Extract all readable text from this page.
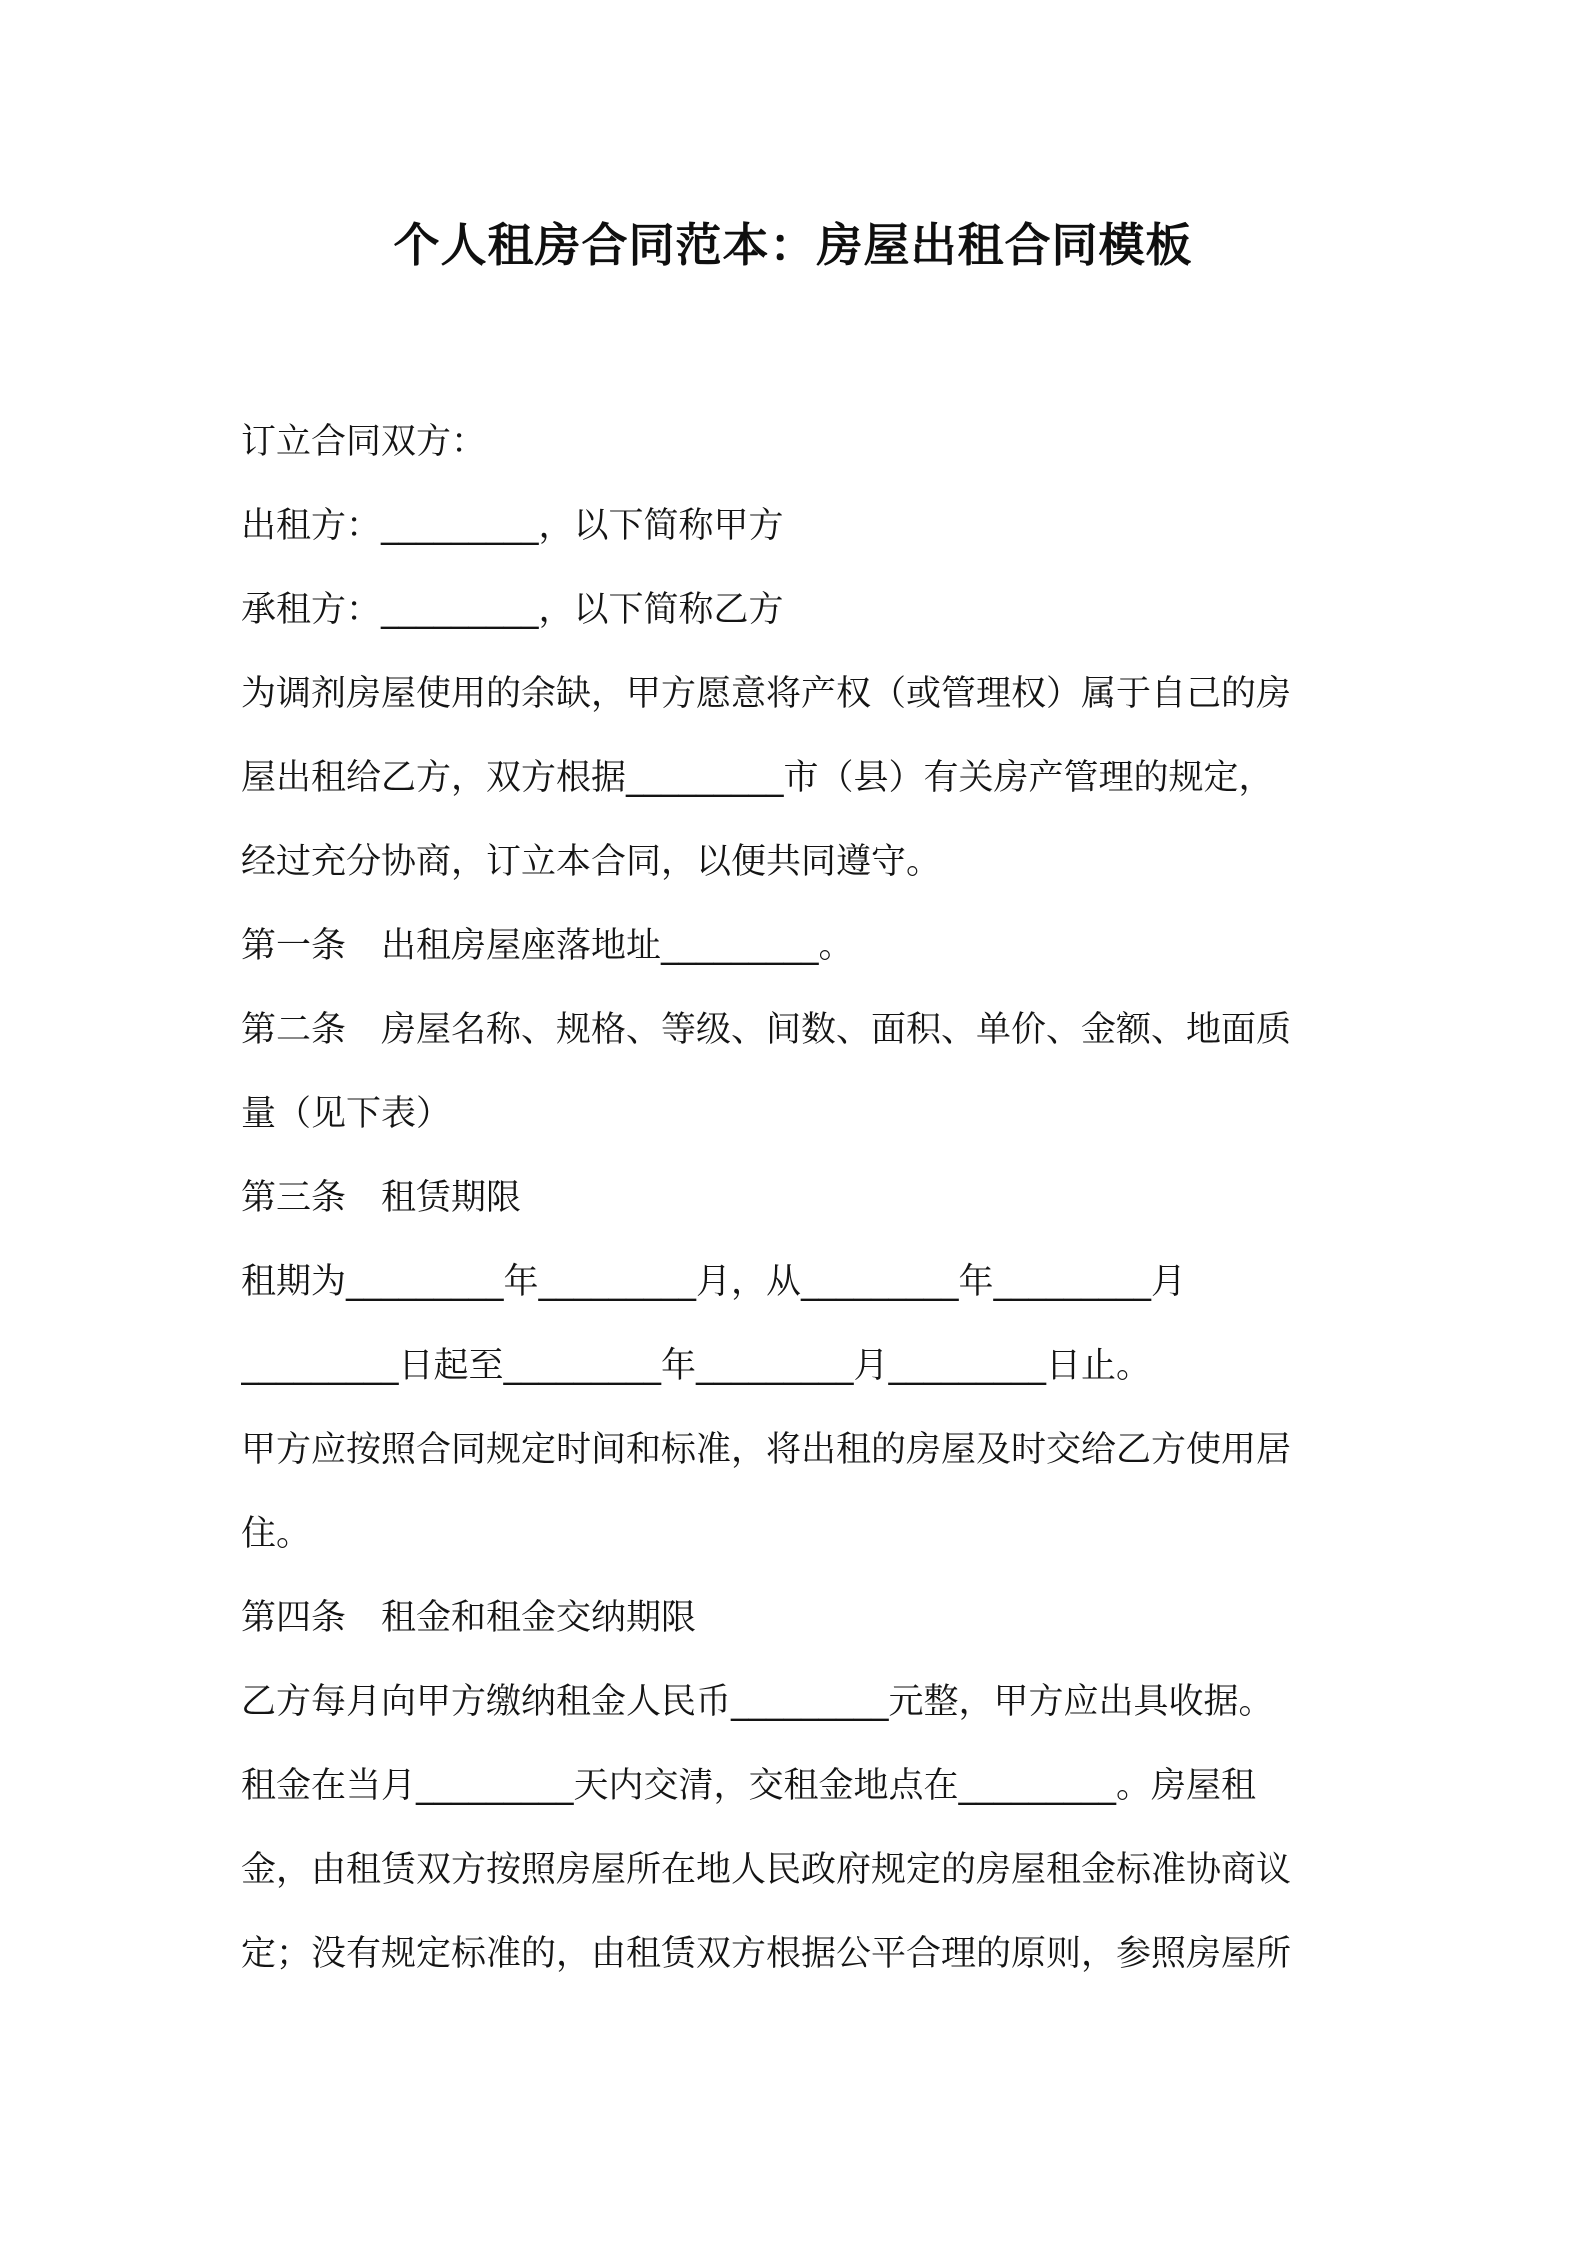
个人租房合同范本：房屋出租合同模板
订立合同双方：
出租方：_________，以下简称甲方
承租方：_________，以下简称乙方
为调剂房屋使用的余缺，甲方愿意将产权（或管理权）属于自己的房
屋出租给乙方，双方根据_________市（县）有关房产管理的规定，
经过充分协商，订立本合同，以便共同遵守。
第一条　出租房屋座落地址_________。
第二条　房屋名称、规格、等级、间数、面积、单价、金额、地面质
量（见下表）
第三条　租赁期限
租期为_________年_________月，从_________年_________月
_________日起至_________年_________月_________日止。
甲方应按照合同规定时间和标准，将出租的房屋及时交给乙方使用居
住。
第四条　租金和租金交纳期限
乙方每月向甲方缴纳租金人民币_________元整，甲方应出具收据。
租金在当月_________天内交清，交租金地点在_________。房屋租
金，由租赁双方按照房屋所在地人民政府规定的房屋租金标准协商议
定；没有规定标准的，由租赁双方根据公平合理的原则，参照房屋所
